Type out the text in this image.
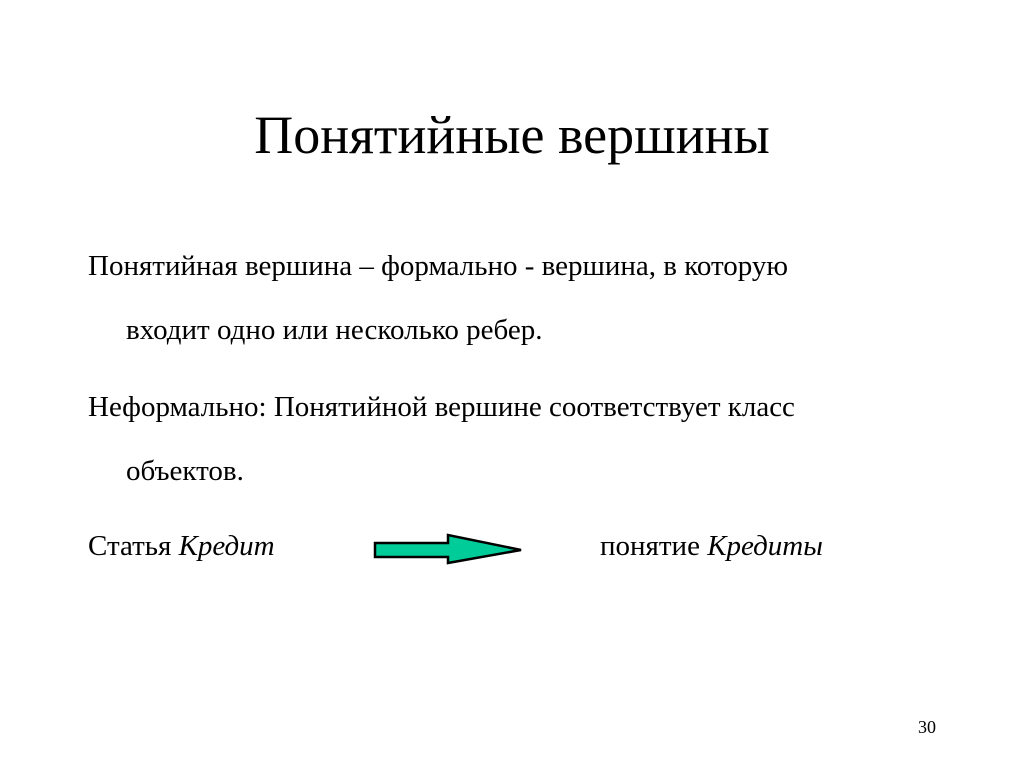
Понятийные вершины
Понятийная вершина – формально - вершина, в которую
входит одно или несколько ребер.
Неформально: Понятийной вершине соответствует класс
объектов.
Статья Кредит	понятие Кредиты
30
